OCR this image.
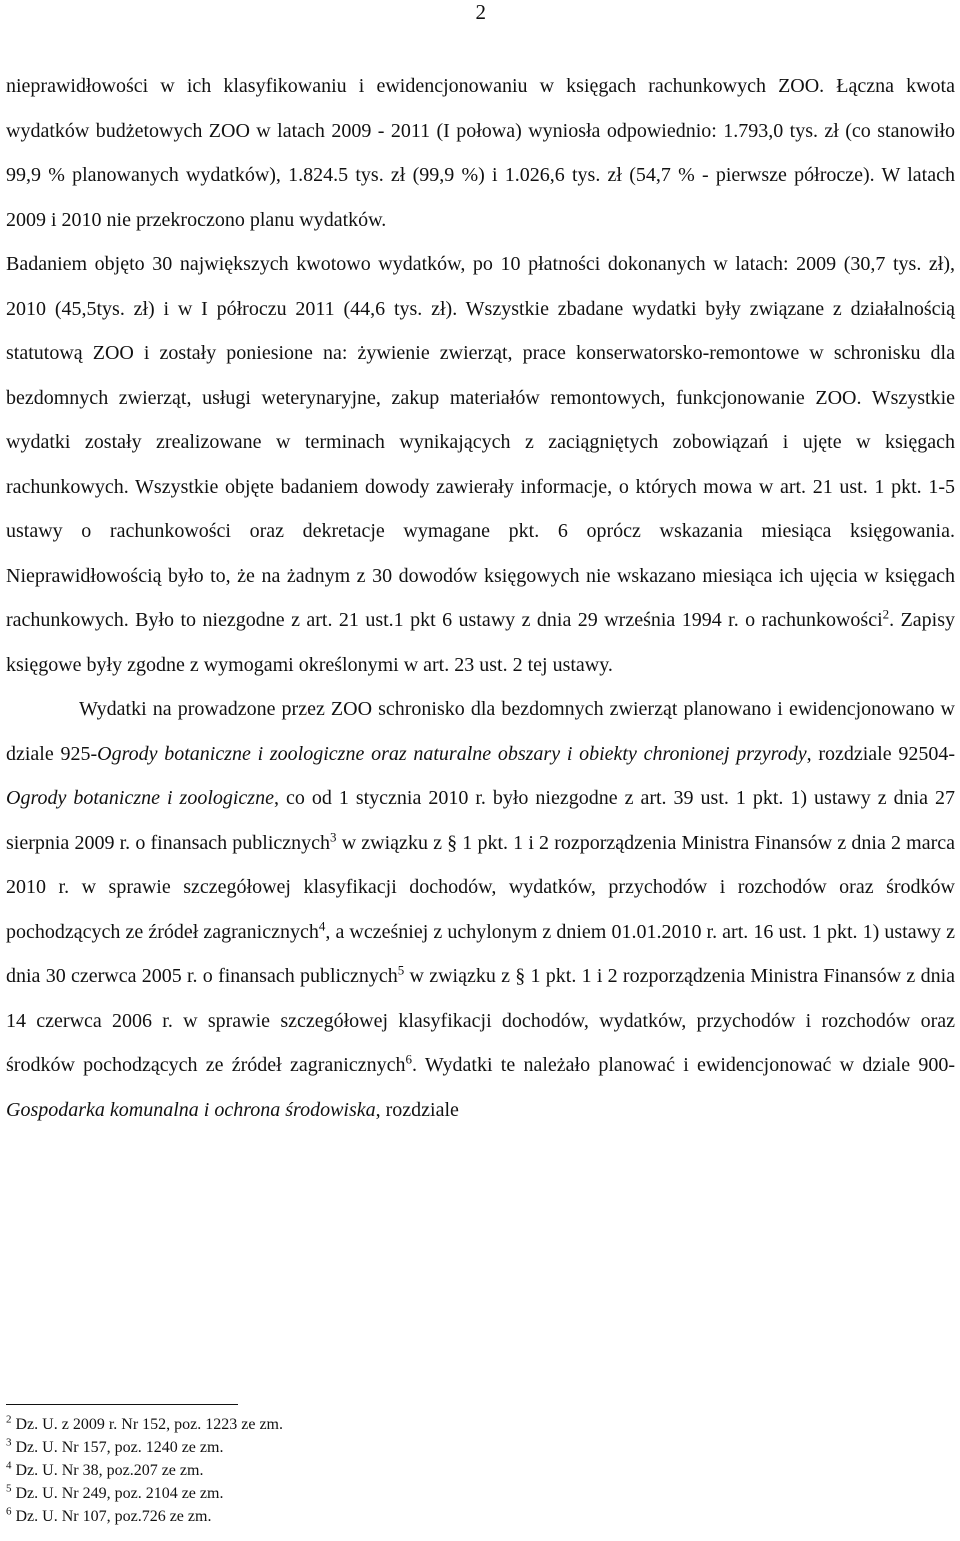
2

nieprawidłowości w ich klasyfikowaniu i ewidencjonowaniu w księgach rachunkowych ZOO. Łączna kwota wydatków budżetowych ZOO w latach 2009 - 2011 (I połowa) wyniosła odpowiednio: 1.793,0 tys. zł (co stanowiło 99,9 % planowanych wydatków), 1.824.5 tys. zł (99,9 %) i 1.026,6 tys. zł (54,7 % - pierwsze półrocze). W latach 2009 i 2010 nie przekroczono planu wydatków.

Badaniem objęto 30 największych kwotowo wydatków, po 10 płatności dokonanych w latach: 2009 (30,7 tys. zł), 2010 (45,5tys. zł) i w I półroczu 2011 (44,6 tys. zł). Wszystkie zbadane wydatki były związane z działalnością statutową ZOO i zostały poniesione na: żywienie zwierząt, prace konserwatorsko-remontowe w schronisku dla bezdomnych zwierząt, usługi weterynaryjne, zakup materiałów remontowych, funkcjonowanie ZOO. Wszystkie wydatki zostały zrealizowane w terminach wynikających z zaciągniętych zobowiązań i ujęte w księgach rachunkowych. Wszystkie objęte badaniem dowody zawierały informacje, o których mowa w art. 21 ust. 1 pkt. 1-5 ustawy o rachunkowości oraz dekretacje wymagane pkt. 6 oprócz wskazania miesiąca księgowania. Nieprawidłowością było to, że na żadnym z 30 dowodów księgowych nie wskazano miesiąca ich ujęcia w księgach rachunkowych. Było to niezgodne z art. 21 ust.1 pkt 6 ustawy z dnia 29 września 1994 r. o rachunkowości$^2$. Zapisy księgowe były zgodne z wymogami określonymi w art. 23 ust. 2 tej ustawy.

Wydatki na prowadzone przez ZOO schronisko dla bezdomnych zwierząt planowano i ewidencjonowano w dziale 925-Ogrody botaniczne i zoologiczne oraz naturalne obszary i obiekty chronionej przyrody, rozdziale 92504-Ogrody botaniczne i zoologiczne, co od 1 stycznia 2010 r. było niezgodne z art. 39 ust. 1 pkt. 1) ustawy z dnia 27 sierpnia 2009 r. o finansach publicznych$^3$ w związku z § 1 pkt. 1 i 2 rozporządzenia Ministra Finansów z dnia 2 marca 2010 r. w sprawie szczegółowej klasyfikacji dochodów, wydatków, przychodów i rozchodów oraz środków pochodzących ze źródeł zagranicznych$^4$, a wcześniej z uchylonym z dniem 01.01.2010 r. art. 16 ust. 1 pkt. 1) ustawy z dnia 30 czerwca 2005 r. o finansach publicznych$^5$ w związku z § 1 pkt. 1 i 2 rozporządzenia Ministra Finansów z dnia 14 czerwca 2006 r. w sprawie szczegółowej klasyfikacji dochodów, wydatków, przychodów i rozchodów oraz środków pochodzących ze źródeł zagranicznych$^6$. Wydatki te należało planować i ewidencjonować w dziale 900-Gospodarka komunalna i ochrona środowiska, rozdziale

$^2$ Dz. U. z 2009 r. Nr 152, poz. 1223 ze zm.
$^3$ Dz. U. Nr 157, poz. 1240 ze zm.
$^4$ Dz. U. Nr 38, poz.207 ze zm.
$^5$ Dz. U. Nr 249, poz. 2104 ze zm.
$^6$ Dz. U. Nr 107, poz.726 ze zm.
